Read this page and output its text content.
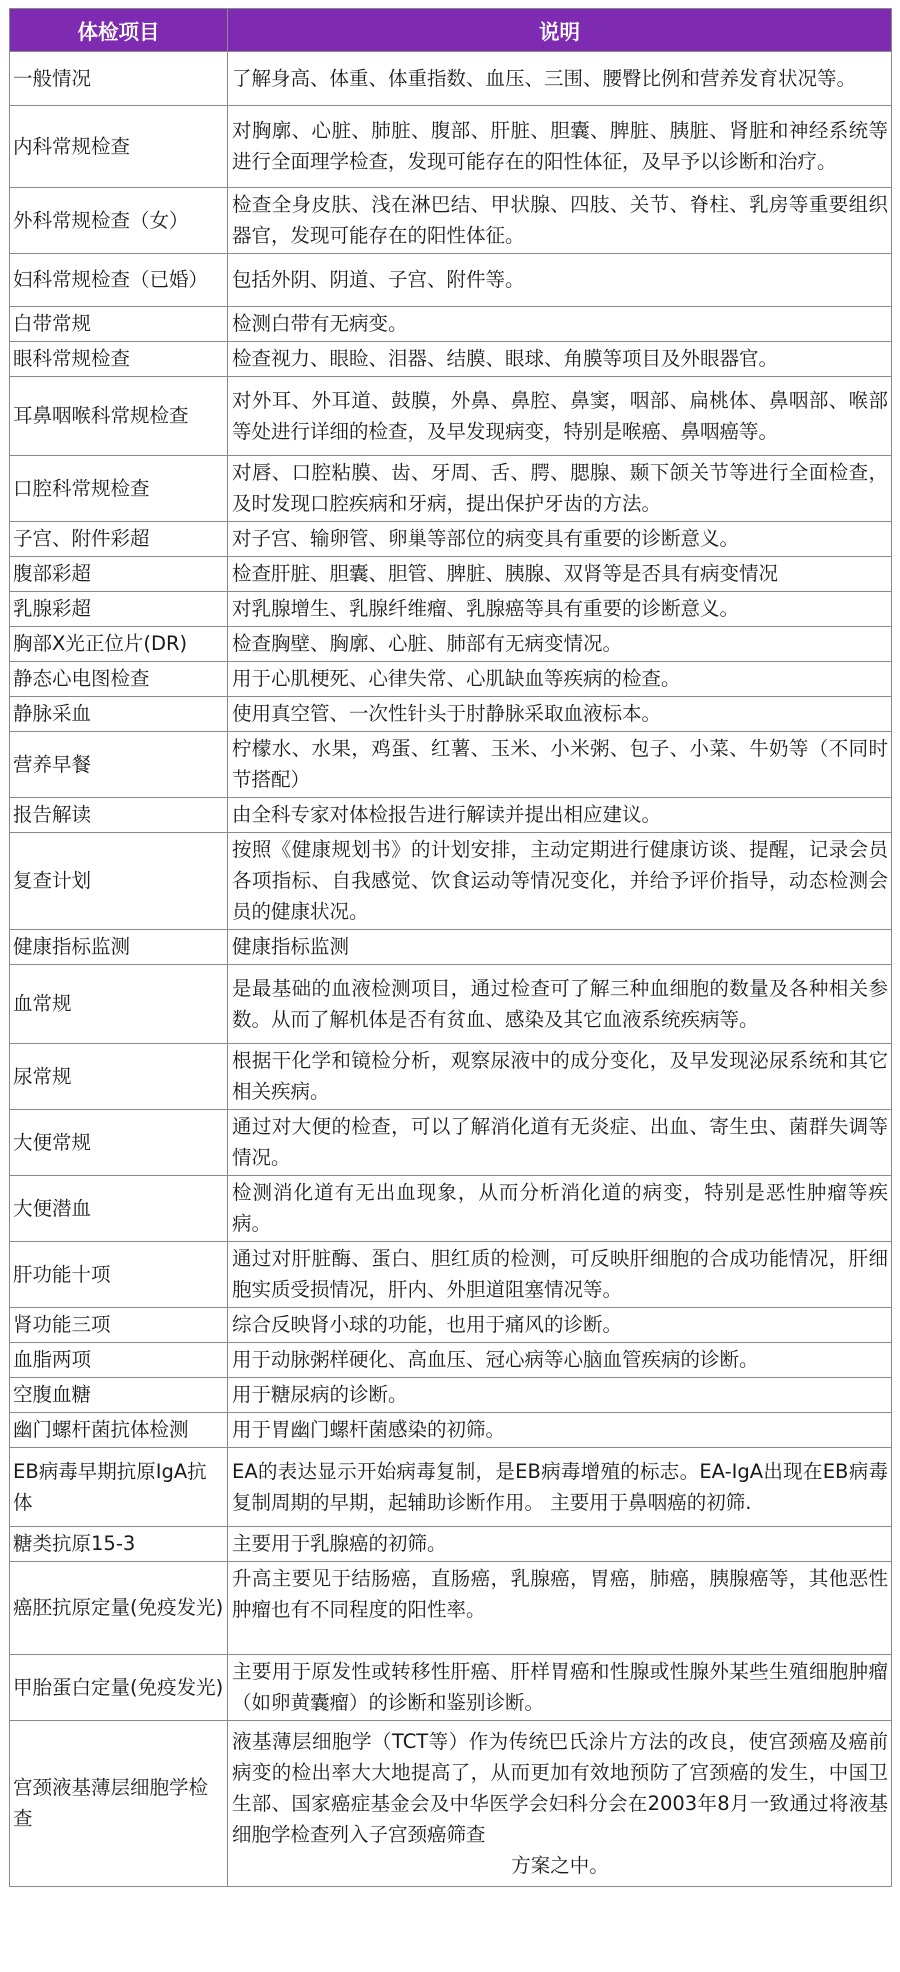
体检项目	说明
一般情况	了解身高、体重、体重指数、血压、三围、腰臀比例和营养发育状况等。
内科常规检查	对胸廓、心脏、肺脏、腹部、肝脏、胆囊、脾脏、胰脏、肾脏和神经系统等进行全面理学检查，发现可能存在的阳性体征，及早予以诊断和治疗。
外科常规检查（女）	检查全身皮肤、浅在淋巴结、甲状腺、四肢、关节、脊柱、乳房等重要组织器官，发现可能存在的阳性体征。
妇科常规检查（已婚）	包括外阴、阴道、子宫、附件等。
白带常规	检测白带有无病变。
眼科常规检查	检查视力、眼睑、泪器、结膜、眼球、角膜等项目及外眼器官。
耳鼻咽喉科常规检查	对外耳、外耳道、鼓膜，外鼻、鼻腔、鼻窦，咽部、扁桃体、鼻咽部、喉部等处进行详细的检查，及早发现病变，特别是喉癌、鼻咽癌等。
口腔科常规检查	对唇、口腔粘膜、齿、牙周、舌、腭、腮腺、颞下颌关节等进行全面检查，及时发现口腔疾病和牙病，提出保护牙齿的方法。
子宫、附件彩超	对子宫、输卵管、卵巢等部位的病变具有重要的诊断意义。
腹部彩超	检查肝脏、胆囊、胆管、脾脏、胰腺、双肾等是否具有病变情况
乳腺彩超	对乳腺增生、乳腺纤维瘤、乳腺癌等具有重要的诊断意义。
胸部X光正位片(DR)	检查胸壁、胸廓、心脏、肺部有无病变情况。
静态心电图检查	用于心肌梗死、心律失常、心肌缺血等疾病的检查。
静脉采血	使用真空管、一次性针头于肘静脉采取血液标本。
营养早餐	柠檬水、水果，鸡蛋、红薯、玉米、小米粥、包子、小菜、牛奶等（不同时节搭配）
报告解读	由全科专家对体检报告进行解读并提出相应建议。
复查计划	按照《健康规划书》的计划安排，主动定期进行健康访谈、提醒，记录会员各项指标、自我感觉、饮食运动等情况变化，并给予评价指导，动态检测会员的健康状况。
健康指标监测	健康指标监测
血常规	是最基础的血液检测项目，通过检查可了解三种血细胞的数量及各种相关参数。从而了解机体是否有贫血、感染及其它血液系统疾病等。
尿常规	根据干化学和镜检分析，观察尿液中的成分变化，及早发现泌尿系统和其它相关疾病。
大便常规	通过对大便的检查，可以了解消化道有无炎症、出血、寄生虫、菌群失调等情况。
大便潜血	检测消化道有无出血现象，从而分析消化道的病变，特别是恶性肿瘤等疾病。
肝功能十项	通过对肝脏酶、蛋白、胆红质的检测，可反映肝细胞的合成功能情况，肝细胞实质受损情况，肝内、外胆道阻塞情况等。
肾功能三项	综合反映肾小球的功能，也用于痛风的诊断。
血脂两项	用于动脉粥样硬化、高血压、冠心病等心脑血管疾病的诊断。
空腹血糖	用于糖尿病的诊断。
幽门螺杆菌抗体检测	用于胃幽门螺杆菌感染的初筛。
EB病毒早期抗原IgA抗体	EA的表达显示开始病毒复制，是EB病毒增殖的标志。EA-IgA出现在EB病毒复制周期的早期，起辅助诊断作用。 主要用于鼻咽癌的初筛.
糖类抗原15-3	主要用于乳腺癌的初筛。
癌胚抗原定量(免疫发光)	升高主要见于结肠癌，直肠癌，乳腺癌，胃癌，肺癌，胰腺癌等，其他恶性肿瘤也有不同程度的阳性率。
甲胎蛋白定量(免疫发光)	主要用于原发性或转移性肝癌、肝样胃癌和性腺或性腺外某些生殖细胞肿瘤（如卵黄囊瘤）的诊断和鉴别诊断。
宫颈液基薄层细胞学检查	液基薄层细胞学（TCT等）作为传统巴氏涂片方法的改良，使宫颈癌及癌前病变的检出率大大地提高了，从而更加有效地预防了宫颈癌的发生，中国卫生部、国家癌症基金会及中华医学会妇科分会在2003年8月一致通过将液基细胞学检查列入子宫颈癌筛查
方案之中。
